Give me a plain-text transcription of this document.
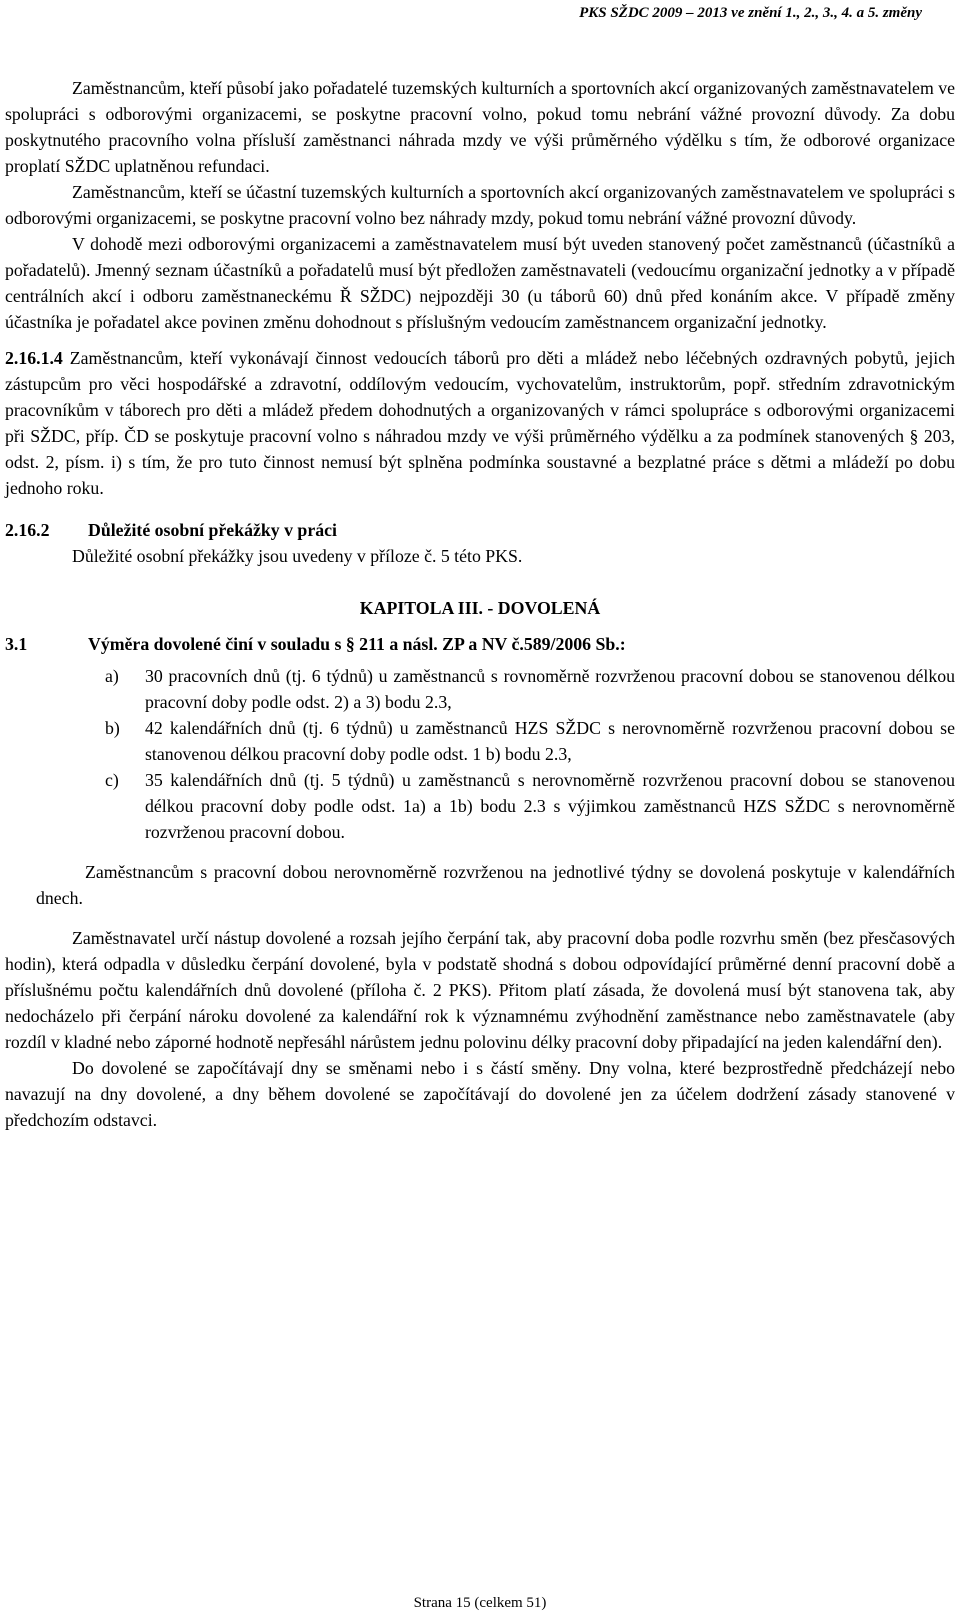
PKS SŽDC 2009 – 2013 ve znění 1., 2., 3., 4. a 5. změny

Zaměstnancům, kteří působí jako pořadatelé tuzemských kulturních a sportovních akcí organizovaných zaměstnavatelem ve spolupráci s odborovými organizacemi, se poskytne pracovní volno, pokud tomu nebrání vážné provozní důvody. Za dobu poskytnutého pracovního volna přísluší zaměstnanci náhrada mzdy ve výši průměrného výdělku s tím, že odborové organizace proplatí SŽDC uplatněnou refundaci.

Zaměstnancům, kteří se účastní tuzemských kulturních a sportovních akcí organizovaných zaměstnavatelem ve spolupráci s odborovými organizacemi, se poskytne pracovní volno bez náhrady mzdy, pokud tomu nebrání vážné provozní důvody.

V dohodě mezi odborovými organizacemi a zaměstnavatelem musí být uveden stanovený počet zaměstnanců (účastníků a pořadatelů). Jmenný seznam účastníků a pořadatelů musí být předložen zaměstnavateli (vedoucímu organizační jednotky a v případě centrálních akcí i odboru zaměstnaneckému Ř SŽDC) nejpozději 30 (u táborů 60) dnů před konáním akce. V případě změny účastníka je pořadatel akce povinen změnu dohodnout s příslušným vedoucím zaměstnancem organizační jednotky.

2.16.1.4 Zaměstnancům, kteří vykonávají činnost vedoucích táborů pro děti a mládež nebo léčebných ozdravných pobytů, jejich zástupcům pro věci hospodářské a zdravotní, oddílovým vedoucím, vychovatelům, instruktorům, popř. středním zdravotnickým pracovníkům v táborech pro děti a mládež předem dohodnutých a organizovaných v rámci spolupráce s odborovými organizacemi při SŽDC, příp. ČD se poskytuje pracovní volno s náhradou mzdy ve výši průměrného výdělku a za podmínek stanovených § 203, odst. 2, písm. i) s tím, že pro tuto činnost nemusí být splněna podmínka soustavné a bezplatné práce s dětmi a mládeží po dobu jednoho roku.

2.16.2	Důležité osobní překážky v práci

Důležité osobní překážky jsou uvedeny v příloze č. 5 této PKS.

KAPITOLA III. - DOVOLENÁ
3.1	Výměra dovolené činí v souladu s § 211 a násl. ZP a NV č.589/2006 Sb.:
a)	30 pracovních dnů (tj. 6 týdnů) u zaměstnanců s rovnoměrně rozvrženou pracovní dobou se stanovenou délkou pracovní doby podle odst. 2) a 3) bodu 2.3,
b)	42 kalendářních dnů (tj. 6 týdnů) u zaměstnanců HZS SŽDC s nerovnoměrně rozvrženou pracovní dobou se stanovenou délkou pracovní doby podle odst. 1 b) bodu 2.3,
c)	35 kalendářních dnů (tj. 5 týdnů) u zaměstnanců s nerovnoměrně rozvrženou pracovní dobou se stanovenou délkou pracovní doby podle odst. 1a) a 1b) bodu 2.3 s výjimkou zaměstnanců HZS SŽDC s nerovnoměrně rozvrženou pracovní dobou.

Zaměstnancům s pracovní dobou nerovnoměrně rozvrženou na jednotlivé týdny se dovolená poskytuje v kalendářních dnech.

Zaměstnavatel určí nástup dovolené a rozsah jejího čerpání tak, aby pracovní doba podle rozvrhu směn (bez přesčasových hodin), která odpadla v důsledku čerpání dovolené, byla v podstatě shodná s dobou odpovídající průměrné denní pracovní době a příslušnému počtu kalendářních dnů dovolené (příloha č. 2 PKS). Přitom platí zásada, že dovolená musí být stanovena tak, aby nedocházelo při čerpání nároku dovolené za kalendářní rok k významnému zvýhodnění zaměstnance nebo zaměstnavatele (aby rozdíl v kladné nebo záporné hodnotě nepřesáhl nárůstem jednu polovinu délky pracovní doby připadající na jeden kalendářní den).

Do dovolené se započítávají dny se směnami nebo i s částí směny. Dny volna, které bezprostředně předcházejí nebo navazují na dny dovolené, a dny během dovolené se započítávají do dovolené jen za účelem dodržení zásady stanovené v předchozím odstavci.

Strana 15 (celkem 51)
